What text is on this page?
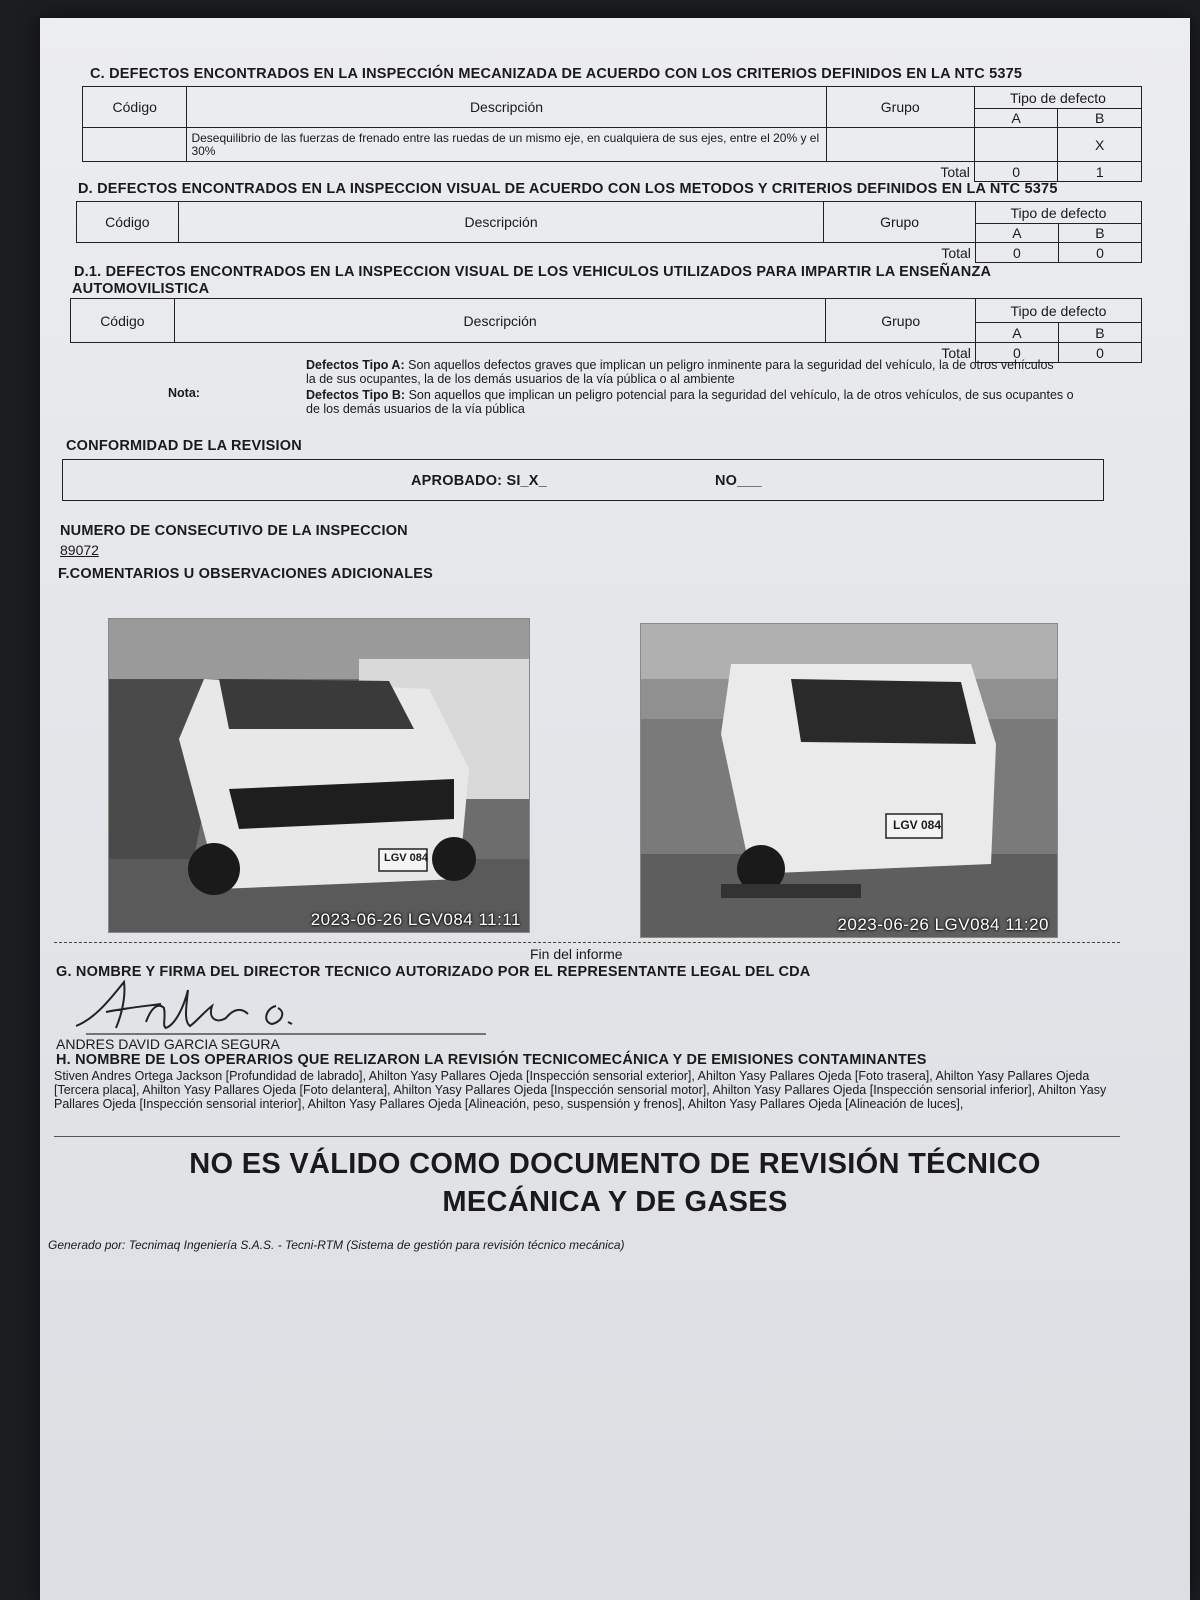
C. DEFECTOS ENCONTRADOS EN LA INSPECCIÓN MECANIZADA DE ACUERDO CON LOS CRITERIOS DEFINIDOS EN LA NTC 5375
Código	Descripción	Grupo	Tipo de defecto	
			A	B
	Desequilibrio de las fuerzas de frenado entre las ruedas de un mismo eje, en cualquiera de sus ejes, entre el 20% y el 30%			X
Total			0	1
D. DEFECTOS ENCONTRADOS EN LA INSPECCION VISUAL DE ACUERDO CON LOS METODOS Y CRITERIOS DEFINIDOS EN LA NTC 5375
Código	Descripción	Grupo	Tipo de defecto	
			A	B
Total			0	0
D.1. DEFECTOS ENCONTRADOS EN LA INSPECCION VISUAL DE LOS VEHICULOS UTILIZADOS PARA IMPARTIR LA ENSEÑANZA
AUTOMOVILISTICA
Código	Descripción	Grupo	Tipo de defecto	
			A	B
Total			0	0
Nota:
Defectos Tipo A: Son aquellos defectos graves que implican un peligro inminente para la seguridad del vehículo, la de otros vehículos la de sus ocupantes, la de los demás usuarios de la vía pública o al ambiente
Defectos Tipo B: Son aquellos que implican un peligro potencial para la seguridad del vehículo, la de otros vehículos, de sus ocupantes o de los demás usuarios de la vía pública
CONFORMIDAD DE LA REVISION
APROBADO: SI_X_	NO___
NUMERO DE CONSECUTIVO DE LA INSPECCION
89072
F.COMENTARIOS U OBSERVACIONES ADICIONALES
LGV 084
2023-06-26 LGV084 11:11
LGV 084
2023-06-26 LGV084 11:20
Fin del informe
G. NOMBRE Y FIRMA DEL DIRECTOR TECNICO AUTORIZADO POR EL REPRESENTANTE LEGAL DEL CDA
ANDRES DAVID GARCIA SEGURA
H. NOMBRE DE LOS OPERARIOS QUE RELIZARON LA REVISIÓN TECNICOMECÁNICA Y DE EMISIONES CONTAMINANTES
Stiven Andres Ortega Jackson [Profundidad de labrado], Ahilton Yasy Pallares Ojeda [Inspección sensorial exterior], Ahilton Yasy Pallares Ojeda [Foto trasera], Ahilton Yasy Pallares Ojeda [Tercera placa], Ahilton Yasy Pallares Ojeda [Foto delantera], Ahilton Yasy Pallares Ojeda [Inspección sensorial motor], Ahilton Yasy Pallares Ojeda [Inspección sensorial inferior], Ahilton Yasy Pallares Ojeda [Inspección sensorial interior], Ahilton Yasy Pallares Ojeda [Alineación, peso, suspensión y frenos], Ahilton Yasy Pallares Ojeda [Alineación de luces],
NO ES VÁLIDO COMO DOCUMENTO DE REVISIÓN TÉCNICO
MECÁNICA Y DE GASES
Generado por: Tecnimaq Ingeniería S.A.S. - Tecni-RTM (Sistema de gestión para revisión técnico mecánica)
